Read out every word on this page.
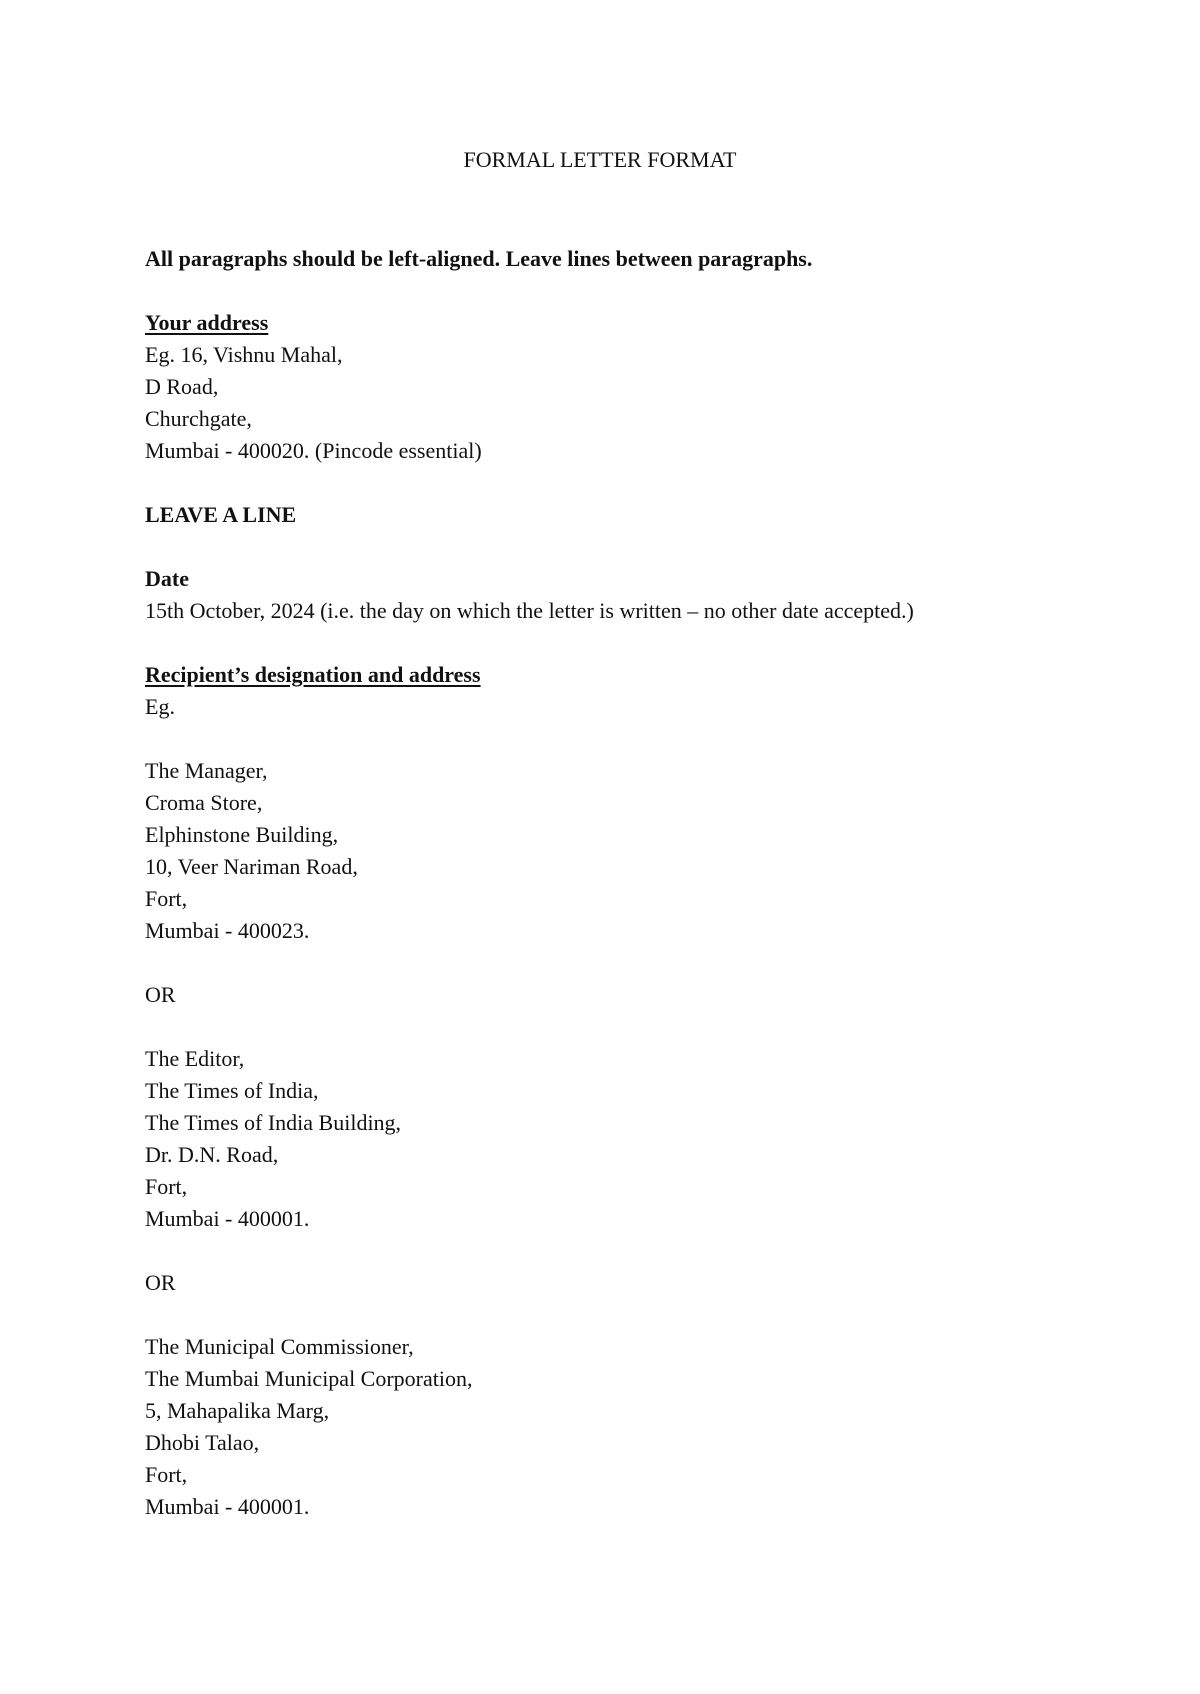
FORMAL LETTER FORMAT
All paragraphs should be left-aligned. Leave lines between paragraphs.
Your address
Eg. 16, Vishnu Mahal,
D Road,
Churchgate,
Mumbai - 400020. (Pincode essential)
LEAVE A LINE
Date
15th October, 2024 (i.e. the day on which the letter is written – no other date accepted.)
Recipient’s designation and address
Eg.
The Manager,
Croma Store,
Elphinstone Building,
10, Veer Nariman Road,
Fort,
Mumbai - 400023.
OR
The Editor,
The Times of India,
The Times of India Building,
Dr. D.N. Road,
Fort,
Mumbai - 400001.
OR
The Municipal Commissioner,
The Mumbai Municipal Corporation,
5, Mahapalika Marg,
Dhobi Talao,
Fort,
Mumbai - 400001.
